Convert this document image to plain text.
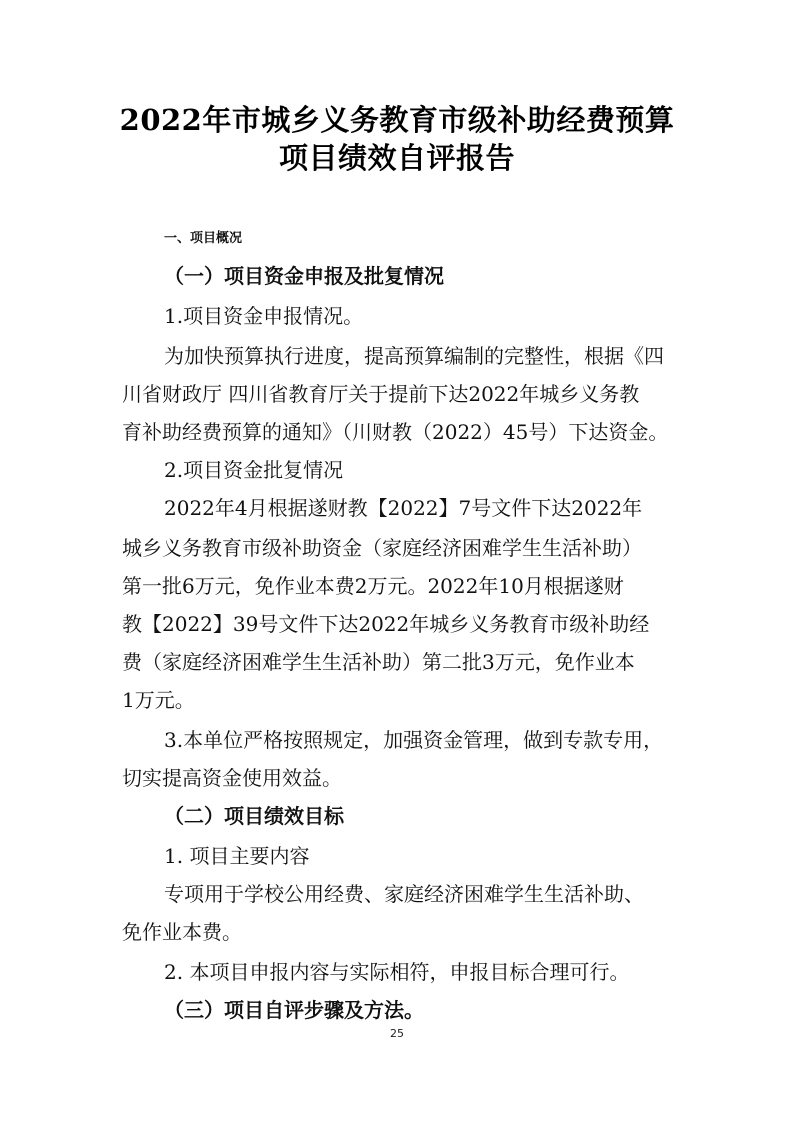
2022年市城乡义务教育市级补助经费预算
项目绩效自评报告
一、项目概况
（一）项目资金申报及批复情况
1.项目资金申报情况。
为加快预算执行进度，提高预算编制的完整性，根据《四
川省财政厅 四川省教育厅关于提前下达2022年城乡义务教
育补助经费预算的通知》（川财教（2022）45号）下达资金。
2.项目资金批复情况
2022年4月根据遂财教【2022】7号文件下达2022年
城乡义务教育市级补助资金（家庭经济困难学生生活补助）
第一批6万元，免作业本费2万元。2022年10月根据遂财
教【2022】39号文件下达2022年城乡义务教育市级补助经
费（家庭经济困难学生生活补助）第二批3万元，免作业本
1万元。
3.本单位严格按照规定，加强资金管理，做到专款专用，
切实提高资金使用效益。
（二）项目绩效目标
1. 项目主要内容
专项用于学校公用经费、家庭经济困难学生生活补助、
免作业本费。
2. 本项目申报内容与实际相符，申报目标合理可行。
（三）项目自评步骤及方法。
25
